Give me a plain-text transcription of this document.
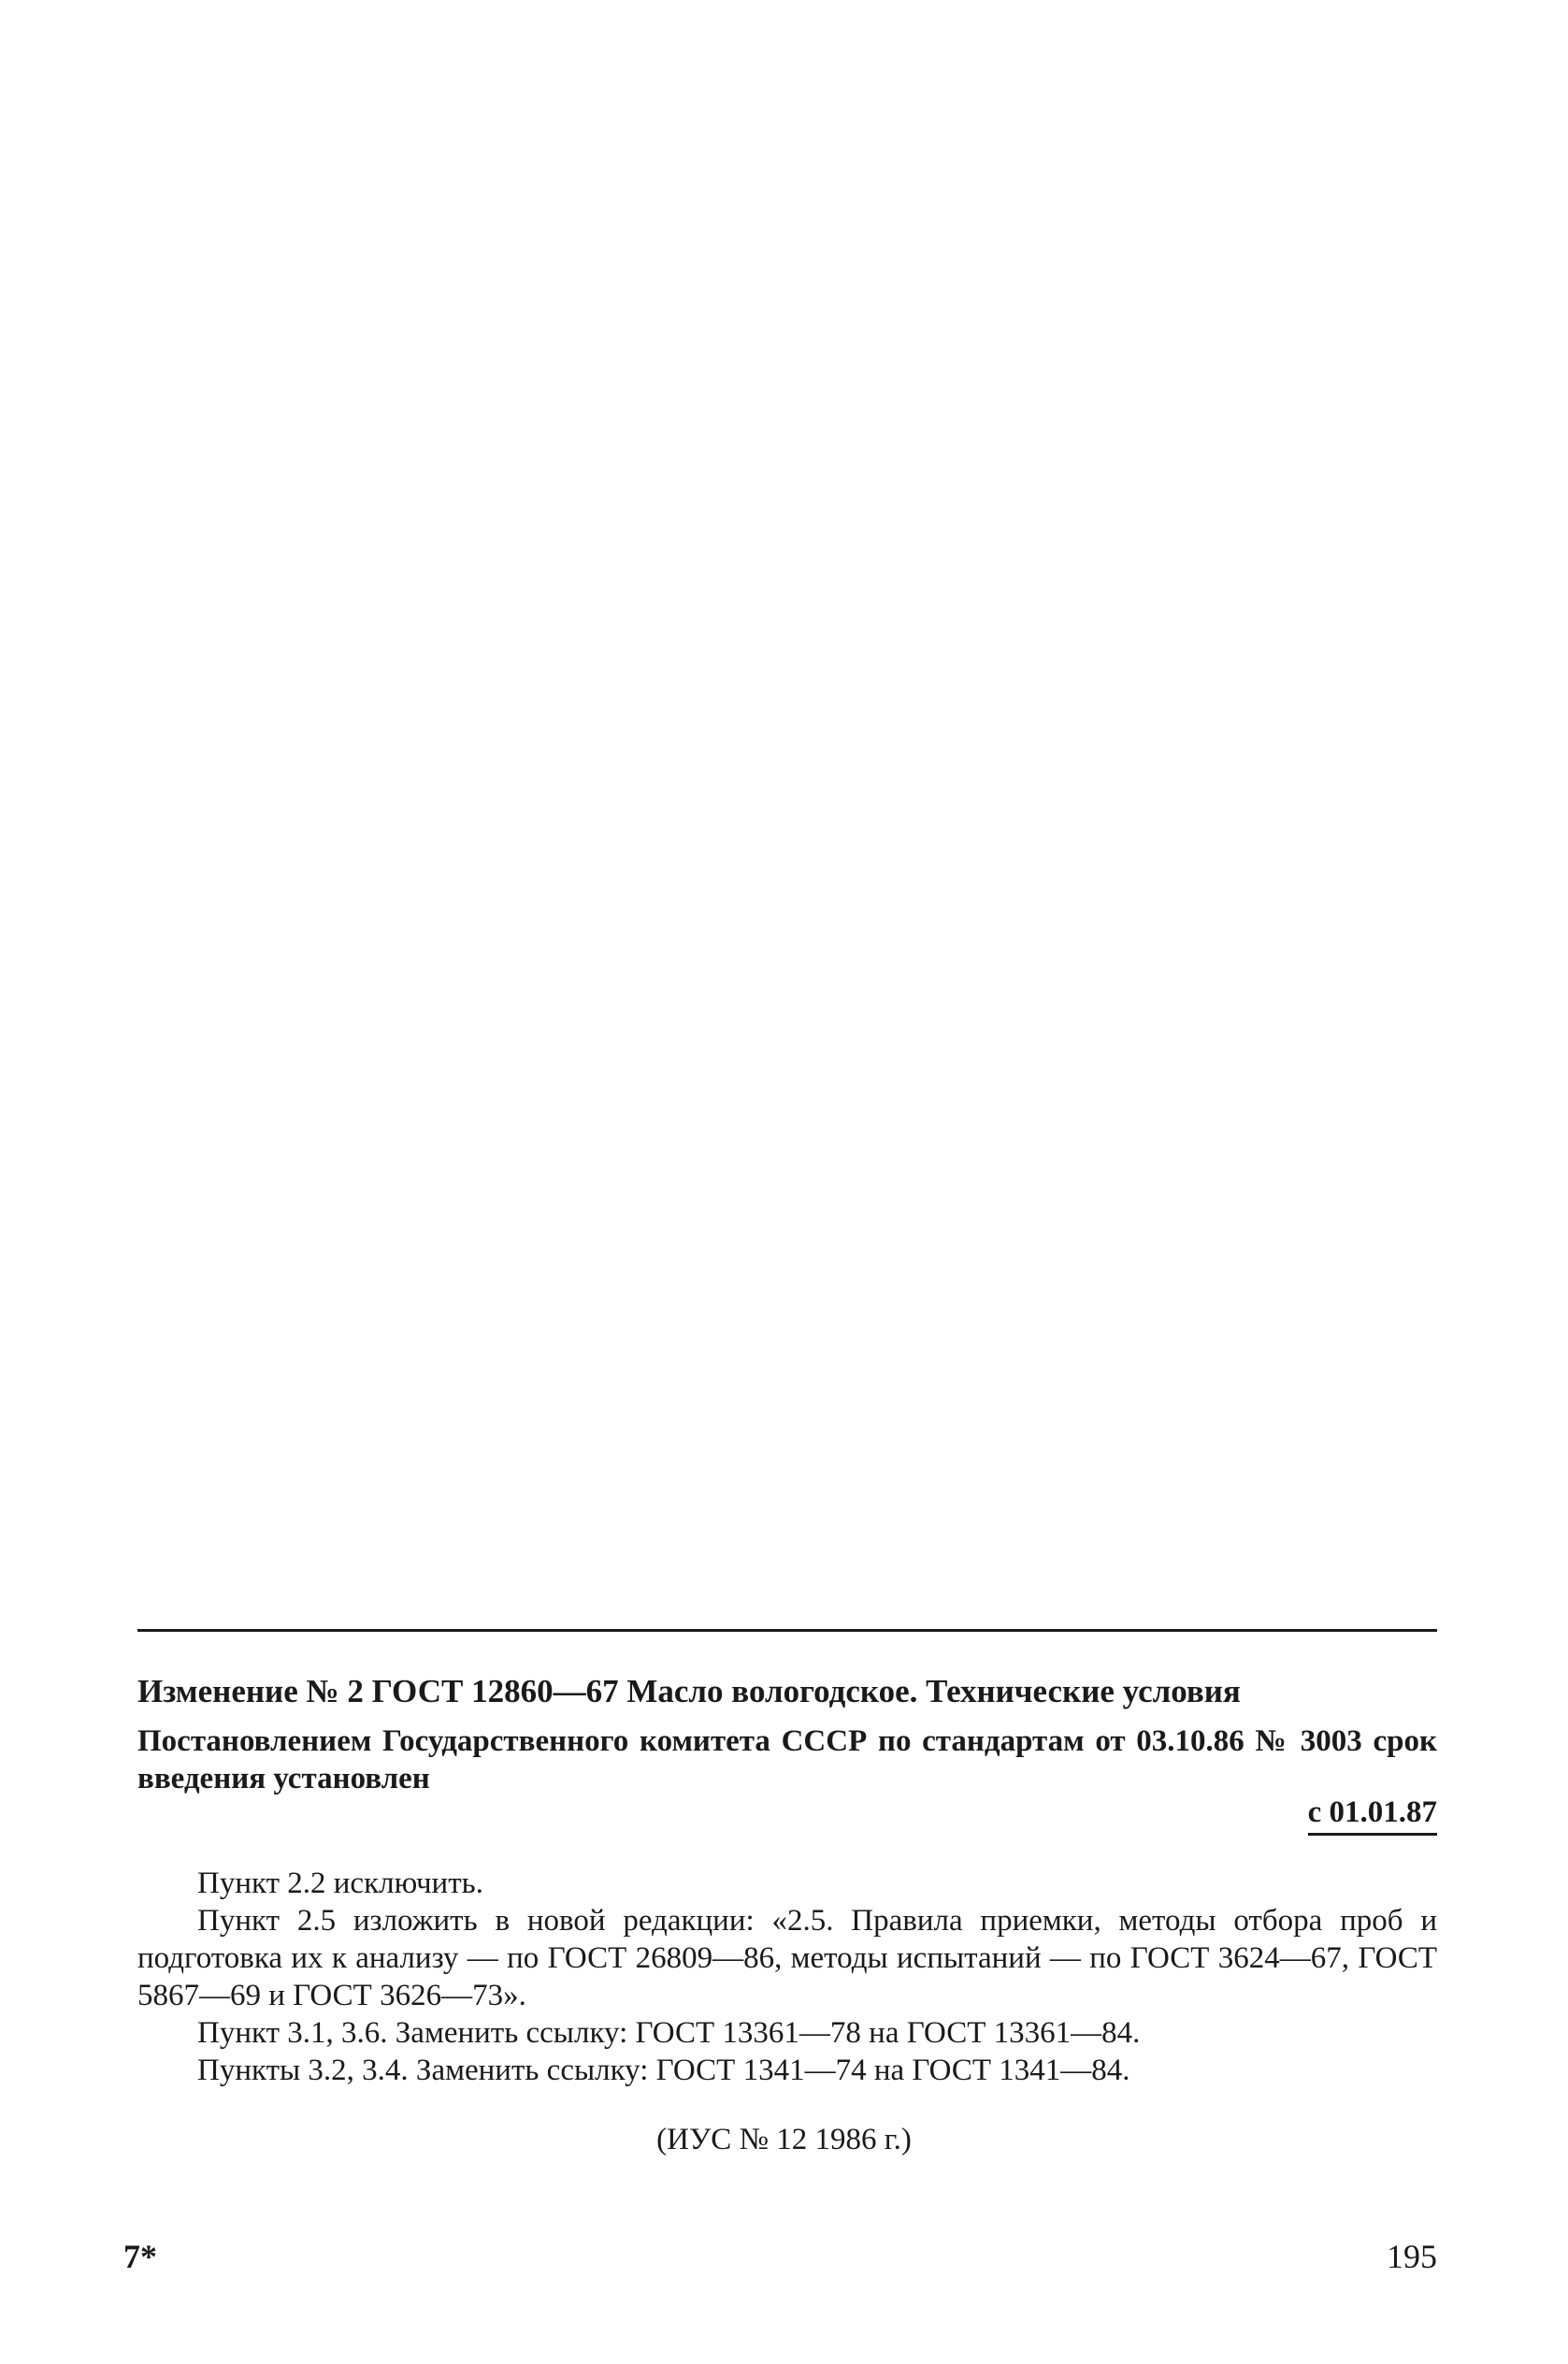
Изменение № 2 ГОСТ 12860—67 Масло вологодское. Технические условия
Постановлением Государственного комитета СССР по стандартам от 03.10.86 № 3003 срок введения установлен
с 01.01.87

Пункт 2.2 исключить.

Пункт 2.5 изложить в новой редакции: «2.5. Правила приемки, методы отбора проб и подготовка их к анализу — по ГОСТ 26809—86, методы испытаний — по ГОСТ 3624—67, ГОСТ 5867—69 и ГОСТ 3626—73».

Пункт 3.1, 3.6. Заменить ссылку: ГОСТ 13361—78 на ГОСТ 13361—84.

Пункты 3.2, 3.4. Заменить ссылку: ГОСТ 1341—74 на ГОСТ 1341—84.

(ИУС № 12 1986 г.)
7*	195
